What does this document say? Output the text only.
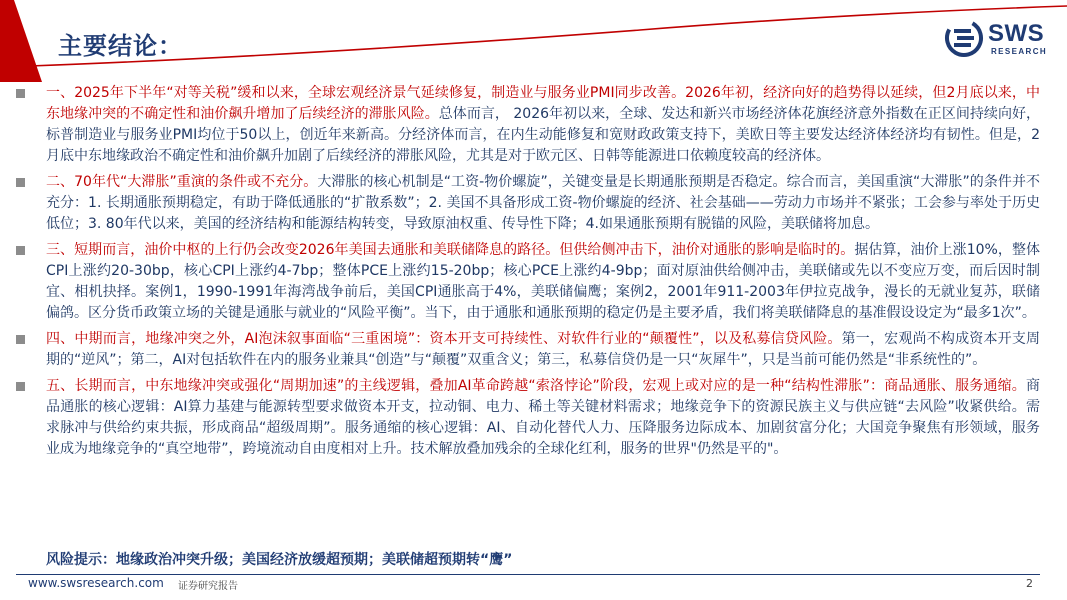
主要结论：	SWS
RESEARCH
一、2025年下半年“对等关税”缓和以来，全球宏观经济景气延续修复，制造业与服务业PMI同步改善。2026年初，经济向好的趋势得以延续，但2月底以来，中东地缘冲突的不确定性和油价飙升增加了后续经济的滞胀风险。总体而言， 2026年初以来，全球、发达和新兴市场经济体花旗经济意外指数在正区间持续向好，标普制造业与服务业PMI均位于50以上，创近年来新高。分经济体而言，在内生动能修复和宽财政政策支持下，美欧日等主要发达经济体经济均有韧性。但是，2月底中东地缘政治不确定性和油价飙升加剧了后续经济的滞胀风险，尤其是对于欧元区、日韩等能源进口依赖度较高的经济体。
二、70年代“大滞胀”重演的条件或不充分。大滞胀的核心机制是“工资-物价螺旋”，关键变量是长期通胀预期是否稳定。综合而言，美国重演“大滞胀”的条件并不充分：1. 长期通胀预期稳定，有助于降低通胀的“扩散系数”；2. 美国不具备形成工资-物价螺旋的经济、社会基础——劳动力市场并不紧张；工会参与率处于历史低位；3. 80年代以来，美国的经济结构和能源结构转变，导致原油权重、传导性下降；4.如果通胀预期有脱锚的风险，美联储将加息。
三、短期而言，油价中枢的上行仍会改变2026年美国去通胀和美联储降息的路径。但供给侧冲击下，油价对通胀的影响是临时的。据估算，油价上涨10%，整体CPI上涨约20-30bp，核心CPI上涨约4-7bp；整体PCE上涨约15-20bp；核心PCE上涨约4-9bp；面对原油供给侧冲击，美联储或先以不变应万变，而后因时制宜、相机抉择。案例1，1990-1991年海湾战争前后，美国CPI通胀高于4%，美联储偏鹰；案例2，2001年911-2003年伊拉克战争，漫长的无就业复苏，联储偏鸽。区分货币政策立场的关键是通胀与就业的“风险平衡”。当下，由于通胀和通胀预期的稳定仍是主要矛盾，我们将美联储降息的基准假设设定为“最多1次”。
四、中期而言，地缘冲突之外，AI泡沫叙事面临“三重困境”：资本开支可持续性、对软件行业的“颠覆性”，以及私募信贷风险。第一，宏观尚不构成资本开支周期的“逆风”；第二，AI对包括软件在内的服务业兼具“创造”与“颠覆”双重含义；第三，私募信贷仍是一只“灰犀牛”，只是当前可能仍然是“非系统性的”。
五、长期而言，中东地缘冲突或强化“周期加速”的主线逻辑，叠加AI革命跨越“索洛悖论”阶段，宏观上或对应的是一种“结构性滞胀”：商品通胀、服务通缩。商品通胀的核心逻辑：AI算力基建与能源转型要求做资本开支，拉动铜、电力、稀土等关键材料需求；地缘竞争下的资源民族主义与供应链“去风险”收紧供给。需求脉冲与供给约束共振，形成商品“超级周期”。服务通缩的核心逻辑：AI、自动化替代人力、压降服务边际成本、加剧贫富分化；大国竞争聚焦有形领域，服务业成为地缘竞争的“真空地带”，跨境流动自由度相对上升。技术解放叠加残余的全球化红利，服务的世界"仍然是平的"。
风险提示：地缘政治冲突升级；美国经济放缓超预期；美联储超预期转“鹰”
www.swsresearch.com 证券研究报告	2
